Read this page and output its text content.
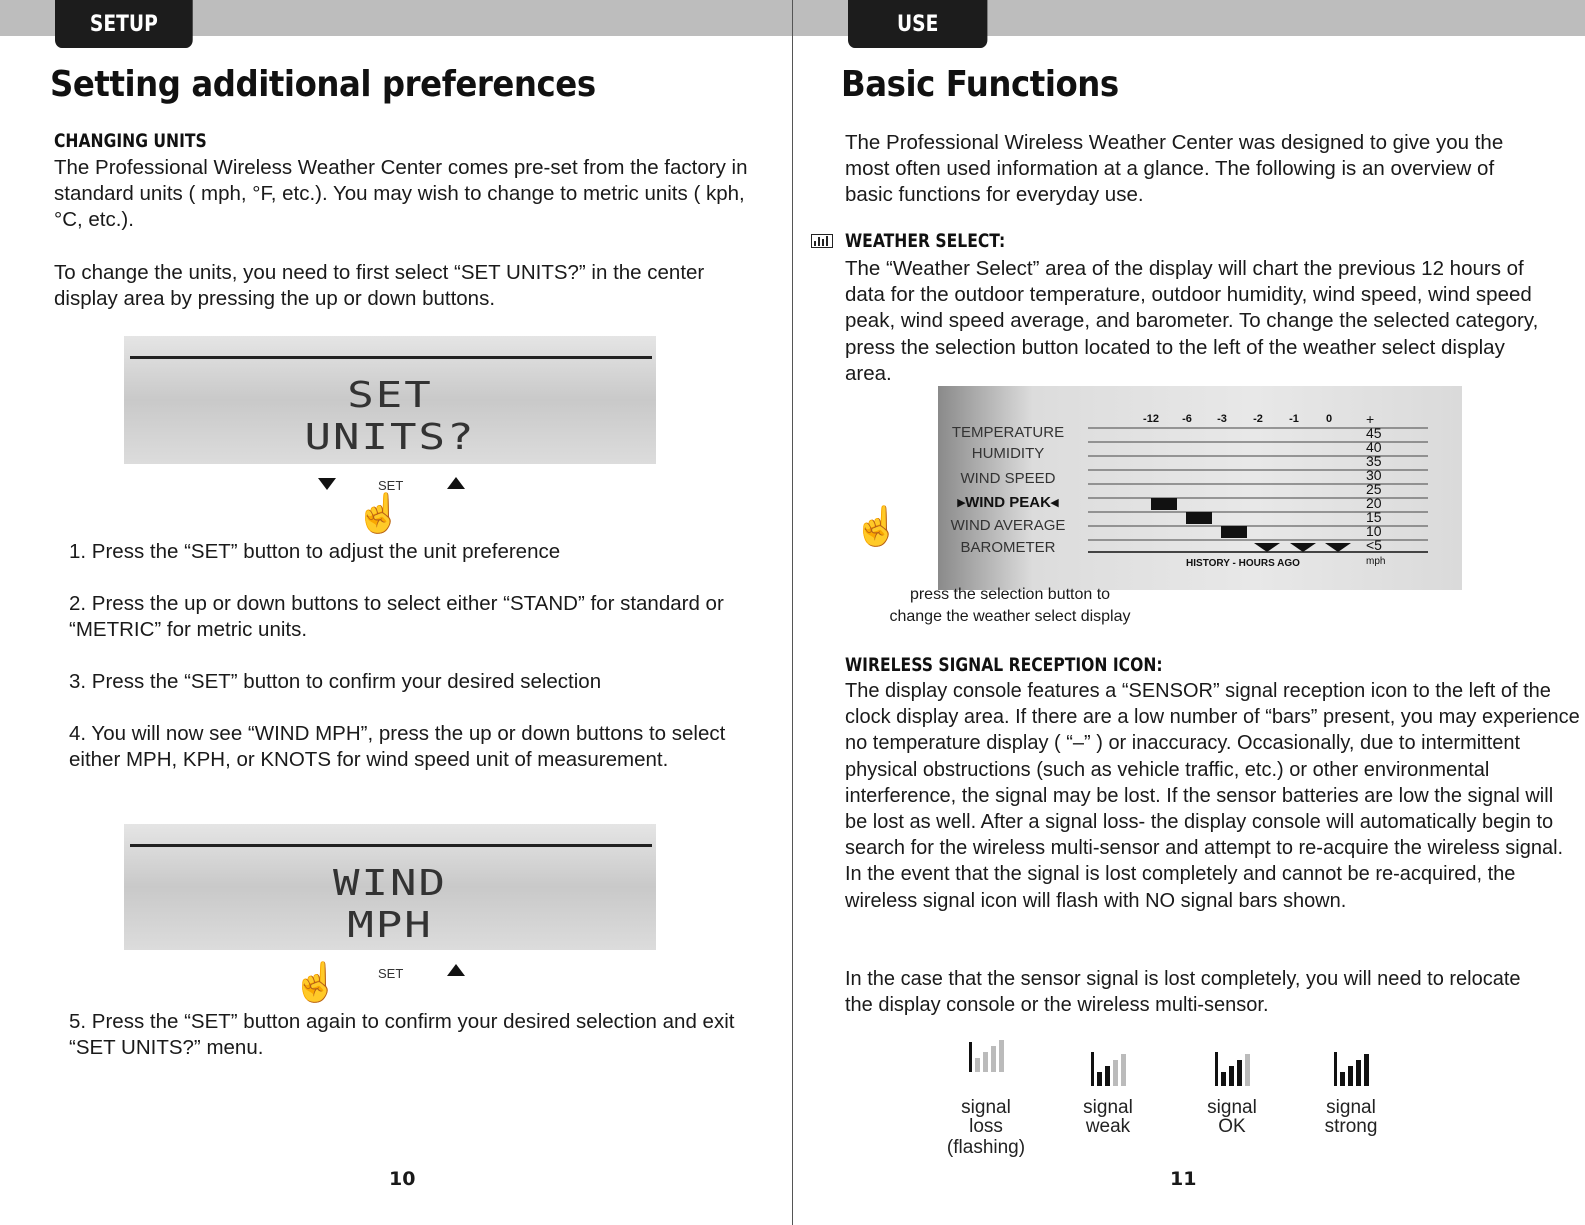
SETUP
Setting additional preferences
CHANGING UNITS

The Professional Wireless Weather Center comes pre-set from the factory in standard units ( mph, °F, etc.). You may wish to change to metric units ( kph, °C, etc.).

To change the units, you need to first select “SET UNITS?” in the center display area by pressing the up or down buttons.

SET
UNITS?
SET
☝

1. Press the “SET” button to adjust the unit preference

2. Press the up or down buttons to select either “STAND” for standard or “METRIC” for metric units.

3. Press the “SET” button to confirm your desired selection

4. You will now see “WIND MPH”, press the up or down buttons to select either MPH, KPH, or KNOTS for wind speed unit of measurement.

WIND
MPH
☝	SET

5. Press the “SET” button again to confirm your desired selection and exit “SET UNITS?” menu.

10
USE
Basic Functions

The Professional Wireless Weather Center was designed to give you the most often used information at a glance. The following is an overview of basic functions for everyday use.

WEATHER SELECT:

The “Weather Select” area of the display will chart the previous 12 hours of data for the outdoor temperature, outdoor humidity, wind speed, wind speed peak, wind speed average, and barometer. To change the selected category, press the selection button located to the left of the weather select display area.

TEMPERATURE
HUMIDITY
WIND SPEED
▸WIND PEAK◂
WIND AVERAGE
BAROMETER
-12 -6 -3 -2 -1 0 +
45
40
35
30
25
20
15
10
<5
mph
HISTORY - HOURS AGO
☝
press the selection button to
change the weather select display
WIRELESS SIGNAL RECEPTION ICON:

The display console features a “SENSOR” signal reception icon to the left of the clock display area. If there are a low number of “bars” present, you may experience no temperature display ( “–” ) or inaccuracy. Occasionally, due to intermittent physical obstructions (such as vehicle traffic, etc.) or other environmental interference, the signal may be lost. If the sensor batteries are low the signal will be lost as well. After a signal loss- the display console will automatically begin to search for the wireless multi-sensor and attempt to re-acquire the wireless signal. In the event that the signal is lost completely and cannot be re-acquired, the wireless signal icon will flash with NO signal bars shown.

In the case that the sensor signal is lost completely, you will need to relocate the display console or the wireless multi-sensor.

signal
loss
(flashing)
signal
weak
signal
OK
signal
strong
11
